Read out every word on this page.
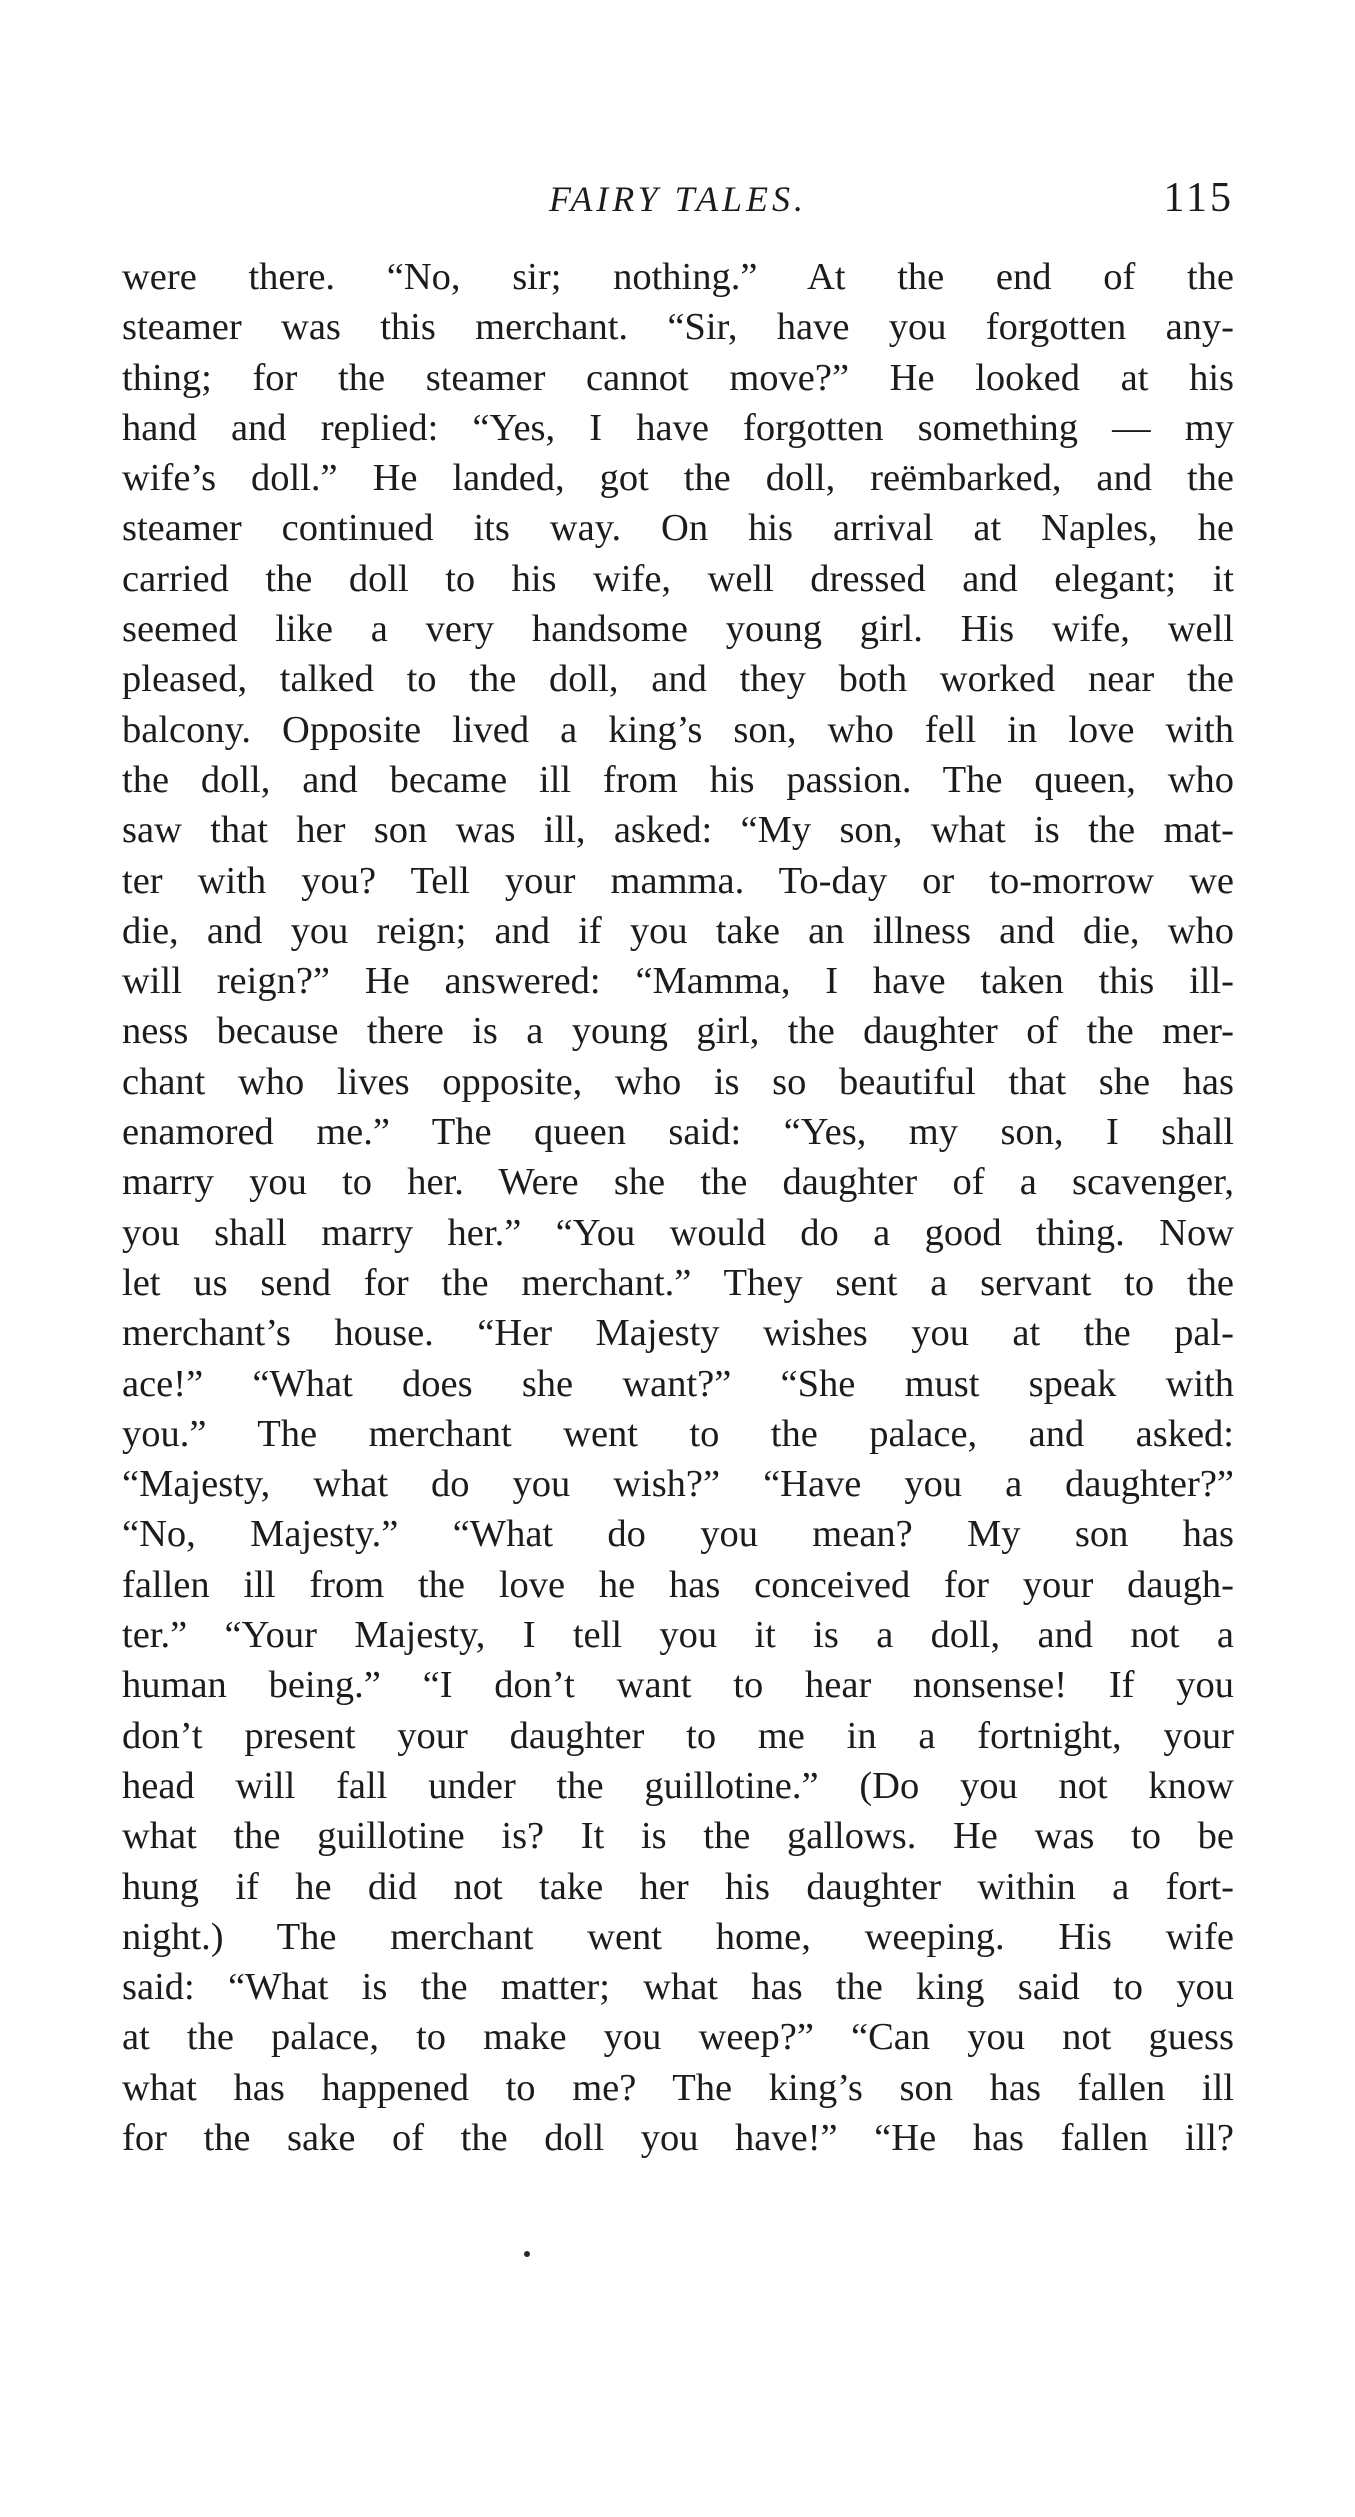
FAIRY TALES.	115
were there. “No, sir; nothing.” At the end of the
steamer was this merchant. “Sir, have you forgotten any-
thing; for the steamer cannot move?” He looked at his
hand and replied: “Yes, I have forgotten something — my
wife’s doll.” He landed, got the doll, reëmbarked, and the
steamer continued its way. On his arrival at Naples, he
carried the doll to his wife, well dressed and elegant; it
seemed like a very handsome young girl. His wife, well
pleased, talked to the doll, and they both worked near the
balcony. Opposite lived a king’s son, who fell in love with
the doll, and became ill from his passion. The queen, who
saw that her son was ill, asked: “My son, what is the mat-
ter with you? Tell your mamma. To-day or to-morrow we
die, and you reign; and if you take an illness and die, who
will reign?” He answered: “Mamma, I have taken this ill-
ness because there is a young girl, the daughter of the mer-
chant who lives opposite, who is so beautiful that she has
enamored me.” The queen said: “Yes, my son, I shall
marry you to her. Were she the daughter of a scavenger,
you shall marry her.” “You would do a good thing. Now
let us send for the merchant.” They sent a servant to the
merchant’s house. “Her Majesty wishes you at the pal-
ace!” “What does she want?” “She must speak with
you.” The merchant went to the palace, and asked:
“Majesty, what do you wish?” “Have you a daughter?”
“No, Majesty.” “What do you mean? My son has
fallen ill from the love he has conceived for your daugh-
ter.” “Your Majesty, I tell you it is a doll, and not a
human being.” “I don’t want to hear nonsense! If you
don’t present your daughter to me in a fortnight, your
head will fall under the guillotine.” (Do you not know
what the guillotine is? It is the gallows. He was to be
hung if he did not take her his daughter within a fort-
night.) The merchant went home, weeping. His wife
said: “What is the matter; what has the king said to you
at the palace, to make you weep?” “Can you not guess
what has happened to me? The king’s son has fallen ill
for the sake of the doll you have!” “He has fallen ill?
